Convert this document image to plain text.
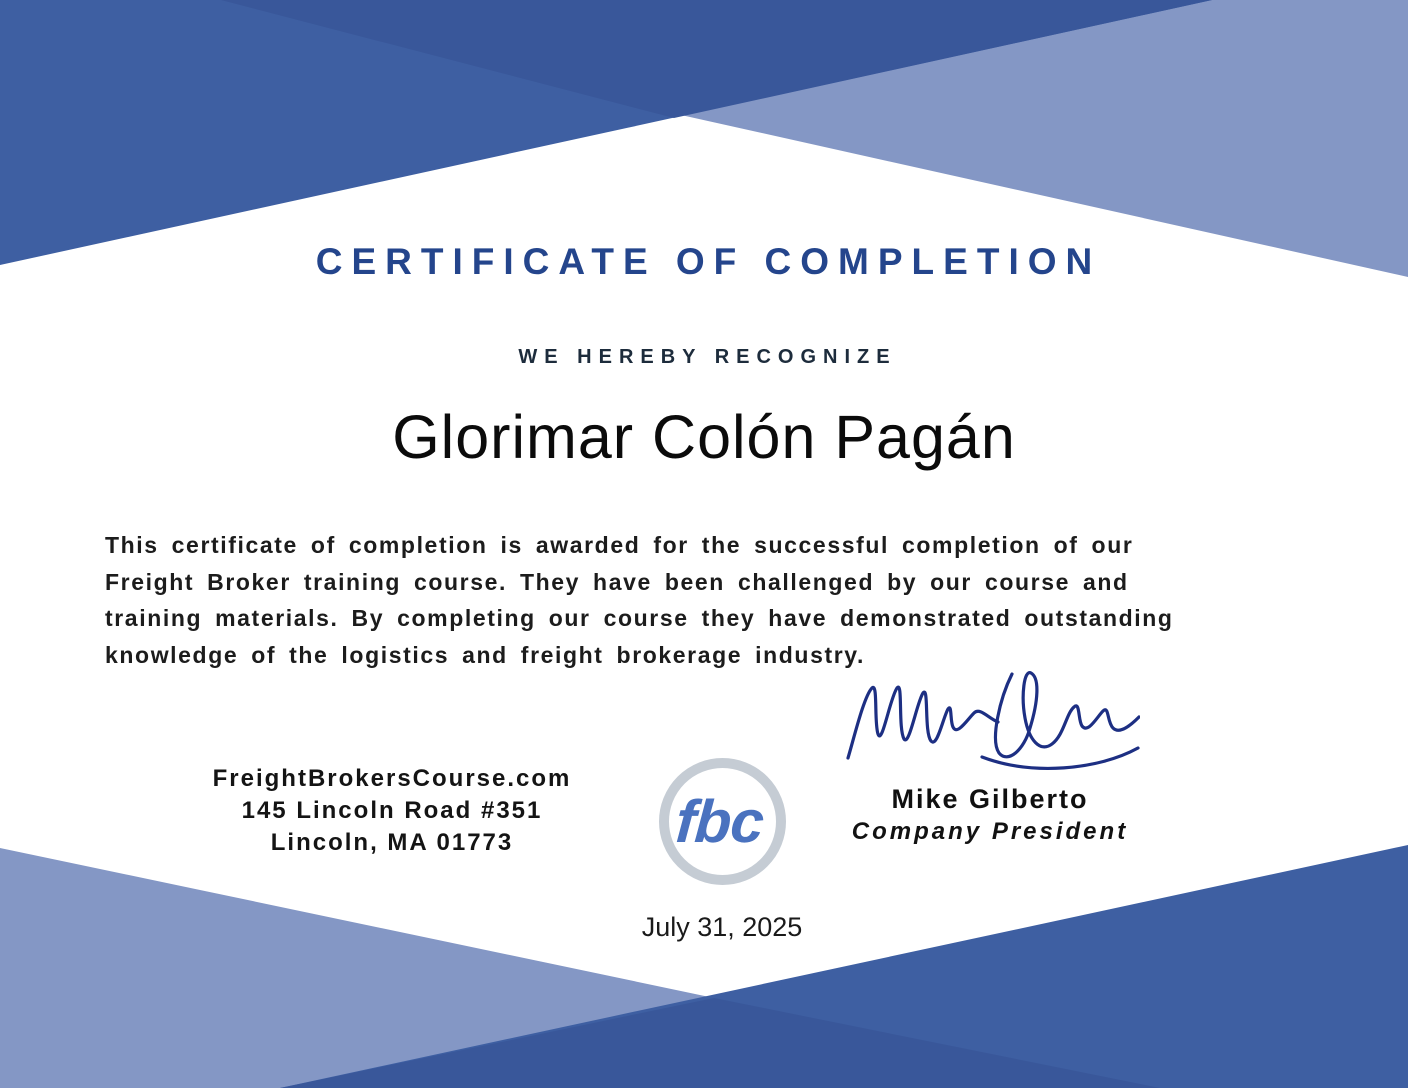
CERTIFICATE OF COMPLETION
WE HEREBY RECOGNIZE
Glorimar Colón Pagán
This certificate of completion is awarded for the successful completion of our
Freight Broker training course. They have been challenged by our course and
training materials. By completing our course they have demonstrated outstanding
knowledge of the logistics and freight brokerage industry.
FreightBrokersCourse.com
145 Lincoln Road #351
Lincoln, MA 01773	fbc	Mike Gilberto
Company President
July 31, 2025
